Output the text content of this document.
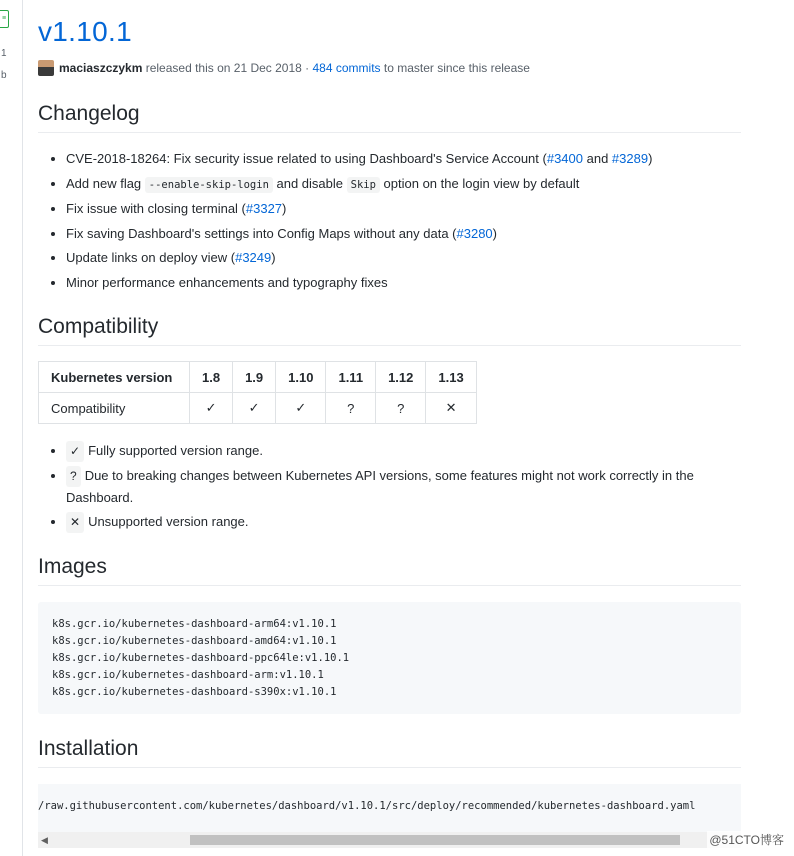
≡
1
b
v1.10.1
maciaszczykm released this on 21 Dec 2018 · 484 commits to master since this release
Changelog
• CVE-2018-18264: Fix security issue related to using Dashboard's Service Account (#3400 and #3289)
• Add new flag --enable-skip-login and disable Skip option on the login view by default
• Fix issue with closing terminal (#3327)
• Fix saving Dashboard's settings into Config Maps without any data (#3280)
• Update links on deploy view (#3249)
• Minor performance enhancements and typography fixes
Compatibility
Kubernetes version	1.8	1.9	1.10	1.11	1.12	1.13
Compatibility	✓	✓	✓	?	?	✕
• ✓ Fully supported version range.
• ? Due to breaking changes between Kubernetes API versions, some features might not work correctly in the Dashboard.
• ✕ Unsupported version range.
Images
k8s.gcr.io/kubernetes-dashboard-arm64:v1.10.1
k8s.gcr.io/kubernetes-dashboard-amd64:v1.10.1
k8s.gcr.io/kubernetes-dashboard-ppc64le:v1.10.1
k8s.gcr.io/kubernetes-dashboard-arm:v1.10.1
k8s.gcr.io/kubernetes-dashboard-s390x:v1.10.1
Installation
/raw.githubusercontent.com/kubernetes/dashboard/v1.10.1/src/deploy/recommended/kubernetes-dashboard.yaml
◀	@51CTO博客
